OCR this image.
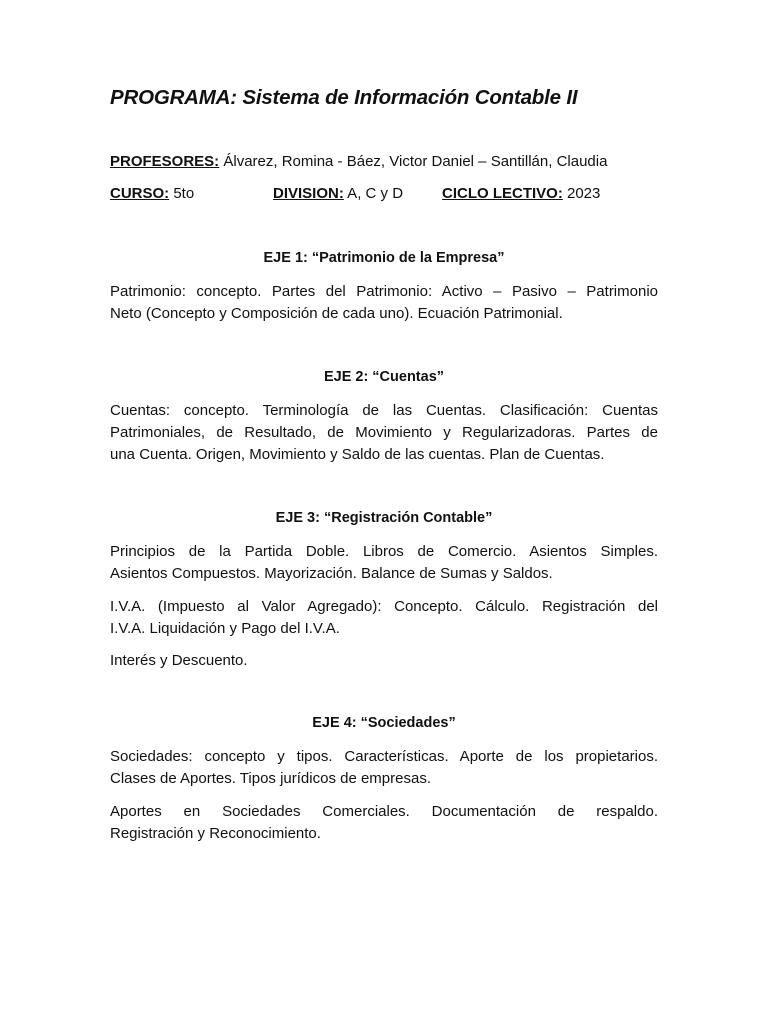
PROGRAMA: Sistema de Información Contable II
PROFESORES: Álvarez, Romina - Báez, Victor Daniel – Santillán, Claudia
CURSO: 5to	DIVISION: A, C y D	CICLO LECTIVO: 2023
EJE 1: “Patrimonio de la Empresa”
Patrimonio: concepto. Partes del Patrimonio: Activo – Pasivo – Patrimonio
Neto (Concepto y Composición de cada uno). Ecuación Patrimonial.
EJE 2: “Cuentas”
Cuentas: concepto. Terminología de las Cuentas. Clasificación: Cuentas
Patrimoniales, de Resultado, de Movimiento y Regularizadoras. Partes de
una Cuenta. Origen, Movimiento y Saldo de las cuentas. Plan de Cuentas.
EJE 3: “Registración Contable”
Principios de la Partida Doble. Libros de Comercio. Asientos Simples.
Asientos Compuestos. Mayorización. Balance de Sumas y Saldos.
I.V.A. (Impuesto al Valor Agregado): Concepto. Cálculo. Registración del
I.V.A. Liquidación y Pago del I.V.A.
Interés y Descuento.
EJE 4: “Sociedades”
Sociedades: concepto y tipos. Características. Aporte de los propietarios.
Clases de Aportes. Tipos jurídicos de empresas.
Aportes en Sociedades Comerciales. Documentación de respaldo.
Registración y Reconocimiento.
